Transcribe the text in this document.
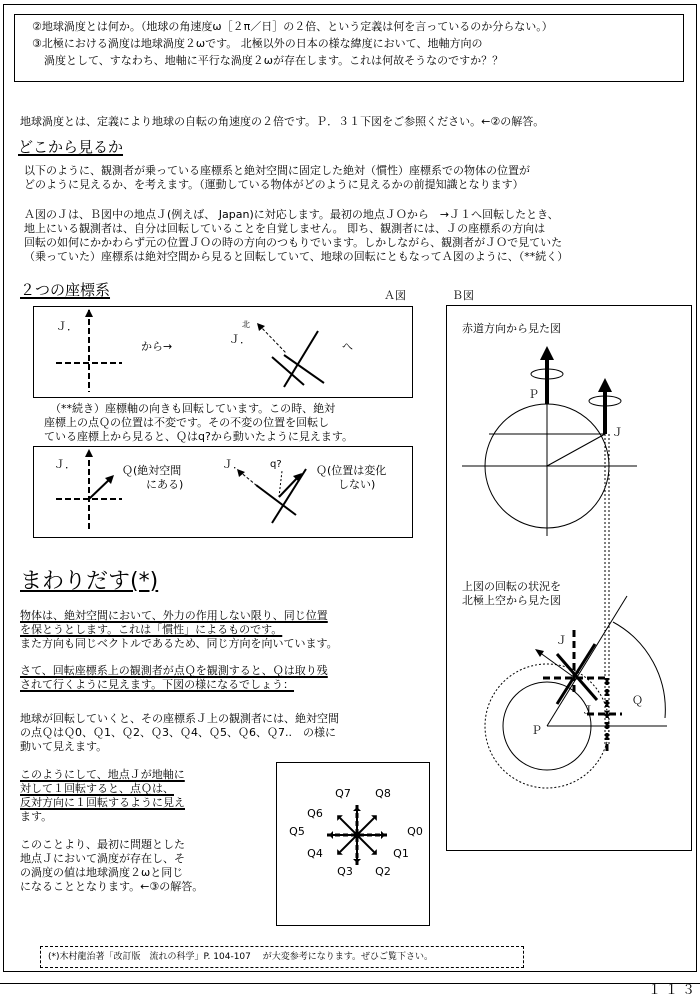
②地球渦度とは何か。（地球の角速度ω［２π／日］の２倍、という定義は何を言っているのか分らない。）
③北極における渦度は地球渦度２ωです。 北極以外の日本の様な緯度において、地軸方向の
渦度として、すなわち、地軸に平行な渦度２ωが存在します。これは何故そうなのですか？？
地球渦度とは、定義により地球の自転の角速度の２倍です。Ｐ．３１下図をご参照ください。←②の解答。
どこから見るか
以下のように、観測者が乗っている座標系と絶対空間に固定した絶対（慣性）座標系での物体の位置が
どのように見えるか、を考えます。（運動している物体がどのように見えるかの前提知識となります）
Ａ図のＪは、Ｂ図中の地点Ｊ(例えば、 Japan)に対応します。最初の地点ＪＯから　→Ｊ１へ回転したとき、
地上にいる観測者は、自分は回転していることを自覚しません。 即ち、観測者には、Ｊの座標系の方向は
回転の如何にかかわらず元の位置ＪＯの時の方向のつもりでいます。しかしながら、観測者がＪＯで見ていた
（乗っていた）座標系は絶対空間から見ると回転していて、地球の回転にともなってＡ図のように、（**続く）
２つの座標系	Ａ図	Ｂ図
Ｊ．
から→
北
Ｊ．
へ
（**続き）座標軸の向きも回転しています。この時、絶対
座標上の点Ｑの位置は不変です。その不変の位置を回転し
ている座標上から見ると、Ｑはq?から動いたように見えます。
Ｊ．	Ｑ(絶対空間
にある)
Ｊ．	q?	Ｑ(位置は変化
しない)
赤道方向から見た図
Ｐ
Ｊ
上図の回転の状況を
北極上空から見た図
Ｊ
Ｊ
Ｑ
Ｐ
まわりだす(*)
物体は、絶対空間において、外力の作用しない限り、同じ位置
を保とうとします。これは「慣性」によるものです。
また方向も同じベクトルであるため、同じ方向を向いています。
さて、回転座標系上の観測者が点Ｑを観測すると、Ｑは取り残
されて行くように見えます。下図の様になるでしょう：
地球が回転していくと、その座標系Ｊ上の観測者には、絶対空間
の点ＱはＱ0、Ｑ1、Ｑ2、Ｑ3、Ｑ4、Ｑ5、Ｑ6、Ｑ7..　の様に
動いて見えます。
このようにして、地点Ｊが地軸に
対して１回転すると、点Ｑは、
反対方向に１回転するように見え
ます。
このことより、最初に問題とした
地点Ｊにおいて渦度が存在し、そ
の渦度の値は地球渦度２ωと同じ
になることとなります。←③の解答。
Q0
Q1
Q2
Q3
Q4
Q5
Q6
Q7 Q8
(*)木村龍治著「改訂版　流れの科学」P. 104-107　 が大変参考になります。ぜひご覧下さい。
１１３
